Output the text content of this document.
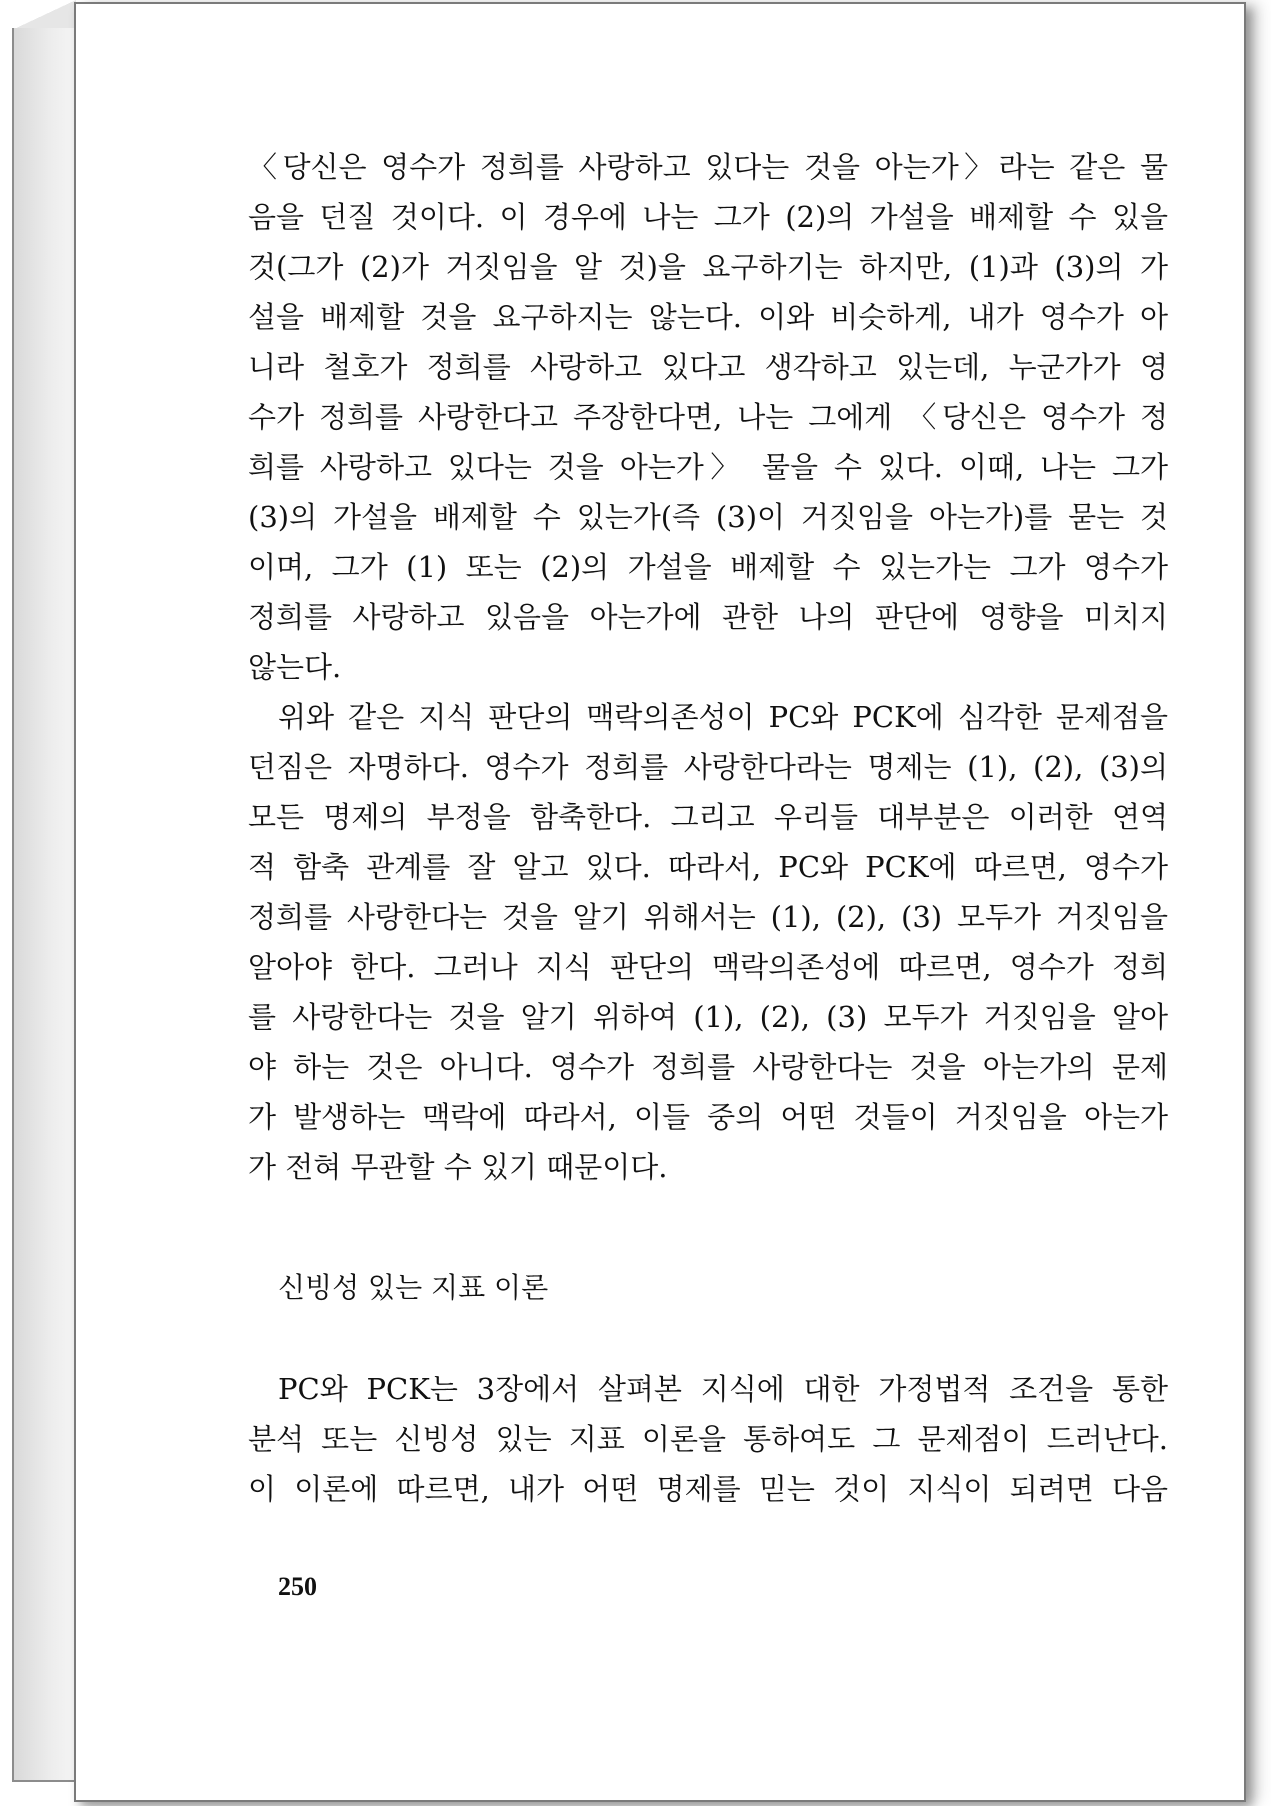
〈당신은 영수가 정희를 사랑하고 있다는 것을 아는가〉라는 같은 물
음을 던질 것이다. 이 경우에 나는 그가 (2)의 가설을 배제할 수 있을
것(그가 (2)가 거짓임을 알 것)을 요구하기는 하지만, (1)과 (3)의 가
설을 배제할 것을 요구하지는 않는다. 이와 비슷하게, 내가 영수가 아
니라 철호가 정희를 사랑하고 있다고 생각하고 있는데, 누군가가 영
수가 정희를 사랑한다고 주장한다면, 나는 그에게 〈당신은 영수가 정
희를 사랑하고 있다는 것을 아는가〉 물을 수 있다. 이때, 나는 그가
(3)의 가설을 배제할 수 있는가(즉 (3)이 거짓임을 아는가)를 묻는 것
이며, 그가 (1) 또는 (2)의 가설을 배제할 수 있는가는 그가 영수가
정희를 사랑하고 있음을 아는가에 관한 나의 판단에 영향을 미치지
않는다.
위와 같은 지식 판단의 맥락의존성이 PC와 PCK에 심각한 문제점을
던짐은 자명하다. 영수가 정희를 사랑한다라는 명제는 (1), (2), (3)의
모든 명제의 부정을 함축한다. 그리고 우리들 대부분은 이러한 연역
적 함축 관계를 잘 알고 있다. 따라서, PC와 PCK에 따르면, 영수가
정희를 사랑한다는 것을 알기 위해서는 (1), (2), (3) 모두가 거짓임을
알아야 한다. 그러나 지식 판단의 맥락의존성에 따르면, 영수가 정희
를 사랑한다는 것을 알기 위하여 (1), (2), (3) 모두가 거짓임을 알아
야 하는 것은 아니다. 영수가 정희를 사랑한다는 것을 아는가의 문제
가 발생하는 맥락에 따라서, 이들 중의 어떤 것들이 거짓임을 아는가
가 전혀 무관할 수 있기 때문이다.
신빙성 있는 지표 이론
PC와 PCK는 3장에서 살펴본 지식에 대한 가정법적 조건을 통한
분석 또는 신빙성 있는 지표 이론을 통하여도 그 문제점이 드러난다.
이 이론에 따르면, 내가 어떤 명제를 믿는 것이 지식이 되려면 다음
250
